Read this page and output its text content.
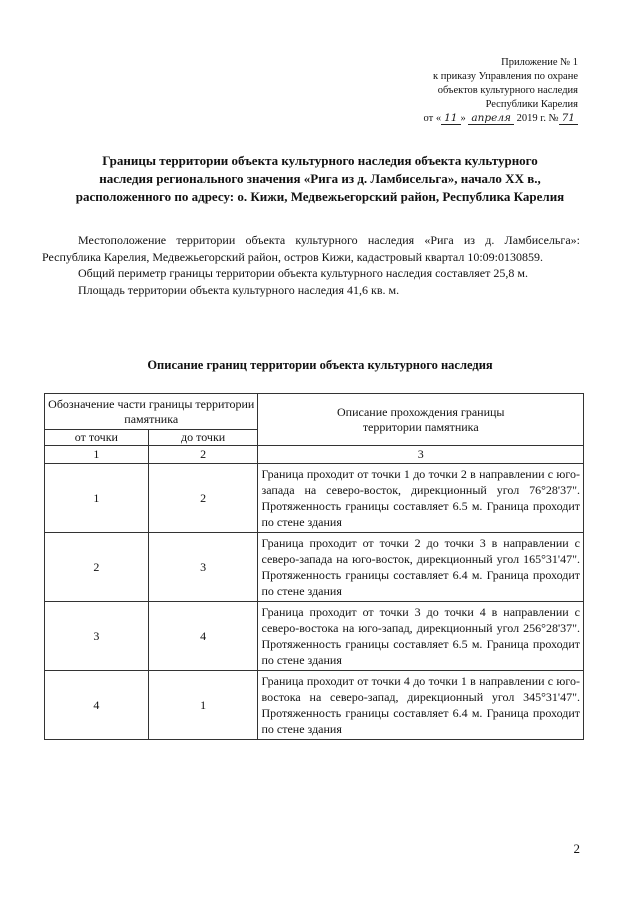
Приложение № 1
к приказу Управления по охране
объектов культурного наследия
Республики Карелия
от « 11 » апреля 2019 г. № 71
Границы территории объекта культурного наследия объекта культурного
наследия регионального значения «Рига из д. Ламбисельга», начало XX в.,
расположенного по адресу: о. Кижи, Медвежьегорский район, Республика Карелия

Местоположение территории объекта культурного наследия «Рига из д. Ламбисельга»: Республика Карелия, Медвежьегорский район, остров Кижи, кадастровый квартал 10:09:0130859.

Общий периметр границы территории объекта культурного наследия составляет 25,8 м.

Площадь территории объекта культурного наследия 41,6 кв. м.

Описание границ территории объекта культурного наследия
Обозначение части границы территории памятника		Описание прохождения границы территории памятника
от точки	до точки	
1	2	3
1	2	Граница проходит от точки 1 до точки 2 в направлении с юго-запада на северо-восток, дирекционный угол 76°28'37". Протяженность границы составляет 6.5 м. Граница проходит по стене здания
2	3	Граница проходит от точки 2 до точки 3 в направлении с северо-запада на юго-восток, дирекционный угол 165°31'47". Протяженность границы составляет 6.4 м. Граница проходит по стене здания
3	4	Граница проходит от точки 3 до точки 4 в направлении с северо-востока на юго-запад, дирекционный угол 256°28'37". Протяженность границы составляет 6.5 м. Граница проходит по стене здания
4	1	Граница проходит от точки 4 до точки 1 в направлении с юго-востока на северо-запад, дирекционный угол 345°31'47". Протяженность границы составляет 6.4 м. Граница проходит по стене здания
2
